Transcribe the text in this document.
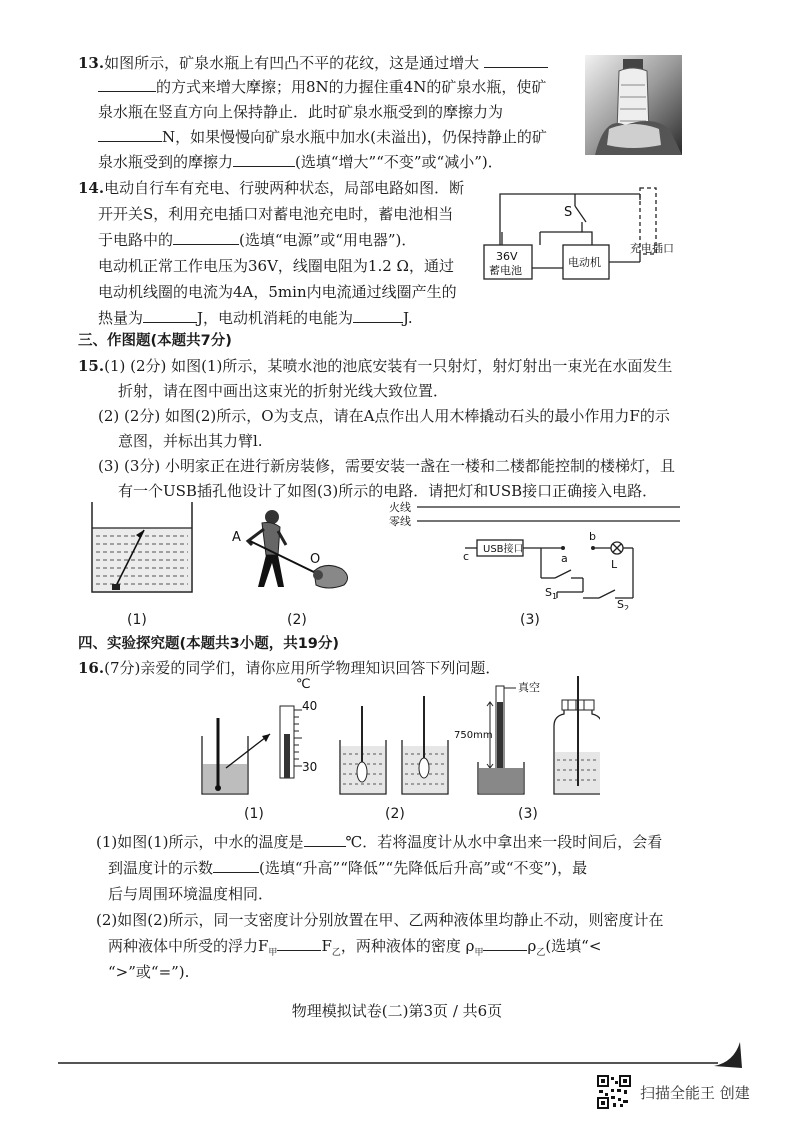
13.如图所示，矿泉水瓶上有凹凸不平的花纹，这是通过增大
的方式来增大摩擦；用8N的力握住重4N的矿泉水瓶，使矿
泉水瓶在竖直方向上保持静止．此时矿泉水瓶受到的摩擦力为
N，如果慢慢向矿泉水瓶中加水(未溢出)，仍保持静止的矿
泉水瓶受到的摩擦力	(选填“增大”“不变”或“减小”)．
14.电动自行车有充电、行驶两种状态，局部电路如图．断
开开关S，利用充电插口对蓄电池充电时，蓄电池相当
于电路中的	(选填“电源”或“用电器”)．
电动机正常工作电压为36V，线圈电阻为1.2 Ω，通过
电动机线圈的电流为4A，5min内电流通过线圈产生的
热量为	J，电动机消耗的电能为	J.
S
36V
蓄电池
电动机
充电插口
三、作图题(本题共7分)
15.(1) (2分) 如图(1)所示，某喷水池的池底安装有一只射灯，射灯射出一束光在水面发生
折射，请在图中画出这束光的折射光线大致位置．
(2) (2分) 如图(2)所示，O为支点，请在A点作出人用木棒撬动石头的最小作用力F的示
意图，并标出其力臂l.
(3) (3分) 小明家正在进行新房装修，需要安装一盏在一楼和二楼都能控制的楼梯灯，且
有一个USB插孔他设计了如图(3)所示的电路．请把灯和USB接口正确接入电路．
A
O
火线
零线
c
USB接口
a
b
L
$S_1$
$S_2$
(1)	(2)	(3)
四、实验探究题(本题共3小题，共19分)
16.(7分)亲爱的同学们，请你应用所学物理知识回答下列问题．
℃
40
30
真空
750mm
(1)	(2)	(3)
(1)如图(1)所示，中水的温度是	℃．若将温度计从水中拿出来一段时间后，会看
到温度计的示数	(选填“升高”“降低”“先降低后升高”或“不变”)，最
后与周围环境温度相同．
(2)如图(2)所示，同一支密度计分别放置在甲、乙两种液体里均静止不动，则密度计在
两种液体中所受的浮力$F_甲$	$F_乙$，两种液体的密度 $\rho_甲$	$\rho_乙$(选填“<
“>”或“=”).
物理模拟试卷(二)第3页 / 共6页
扫描全能王 创建
